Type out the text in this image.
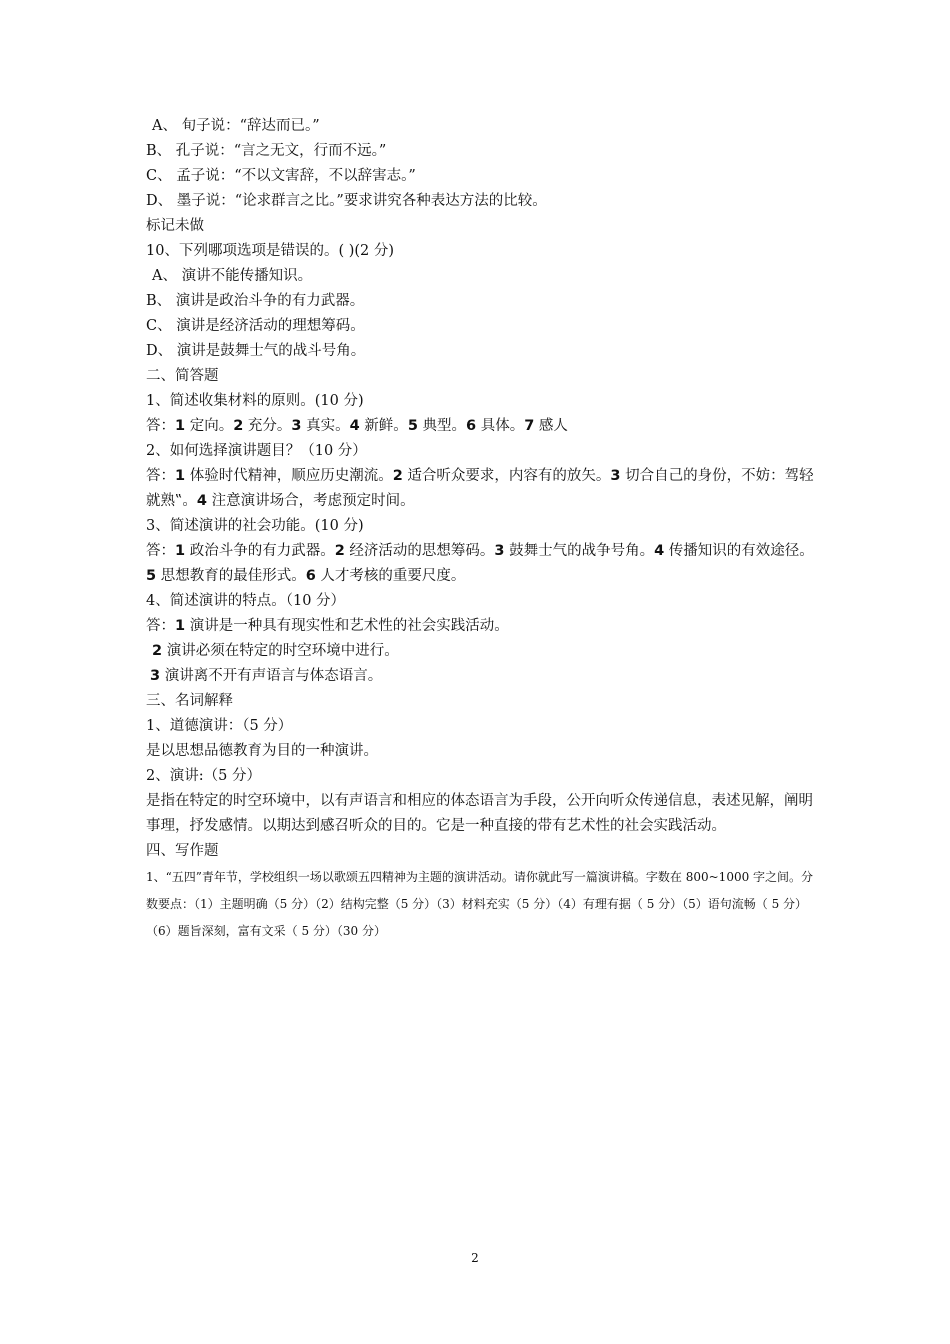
A、 旬子说：“辞达而已。”
B、 孔子说：“言之无文，行而不远。”
C、 孟子说：“不以文害辞，不以辞害志。”
D、 墨子说：“论求群言之比。”要求讲究各种表达方法的比较。
标记未做
10、下列哪项选项是错误的。( )(2 分)
A、 演讲不能传播知识。
B、 演讲是政治斗争的有力武器。
C、 演讲是经济活动的理想筹码。
D、 演讲是鼓舞士气的战斗号角。
二、简答题
1、简述收集材料的原则。(10 分)
答：1 定向。2 充分。3 真实。4 新鲜。5 典型。6 具体。7 感人
2、如何选择演讲题目？（10 分）
答：1 体验时代精神，顺应历史潮流。2 适合听众要求，内容有的放矢。3 切合自己的身份，不妨：驾轻就熟‟。4 注意演讲场合，考虑预定时间。
3、简述演讲的社会功能。(10 分)
答：1 政治斗争的有力武器。2 经济活动的思想筹码。3 鼓舞士气的战争号角。4 传播知识的有效途径。5 思想教育的最佳形式。6 人才考核的重要尺度。
4、简述演讲的特点。（10 分）
答：1 演讲是一种具有现实性和艺术性的社会实践活动。
2 演讲必须在特定的时空环境中进行。
3 演讲离不开有声语言与体态语言。
三、名词解释
1、道德演讲：（5 分）
是以思想品德教育为目的一种演讲。
2、演讲:（5 分）
是指在特定的时空环境中，以有声语言和相应的体态语言为手段，公开向听众传递信息，表述见解，阐明事理，抒发感情。以期达到感召听众的目的。它是一种直接的带有艺术性的社会实践活动。
四、写作题
1、“五四”青年节，学校组织一场以歌颂五四精神为主题的演讲活动。请你就此写一篇演讲稿。字数在 800~1000 字之间。分数要点：（1）主题明确（5 分）（2）结构完整（5 分）（3）材料充实（5 分）（4）有理有据（ 5 分）（5）语句流畅（ 5 分）（6）题旨深刻，富有文采（ 5 分）（30 分）
2
